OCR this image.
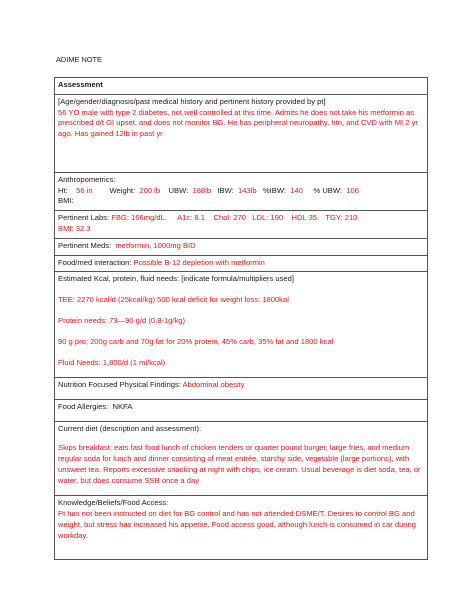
ADIME NOTE
Assessment

[Age/gender/diagnosis/past medical history and pertinent history provided by pt]
56 YO male with type 2 diabetes, not well controlled at this time. Admits he does not take his metformin as prescribed d/t GI upset, and does not monitor BG. He has peripheral neuropathy, htn, and CVD with MI 2 yr ago. Has gained 12lb in past yr

Anthropometrics:
Ht: 56 in Weight: 200 lb UBW: 188lb IBW: 143lb %IBW: 140 % UBW: 106
BMI:

Pertinent Labs: FBG: 166mg/dL. A1c: 8.1 Chol: 270 LDL: 190 HDL 35. TGY: 210
BMI: 32.3

Pertinent Meds: metformin, 1000mg BID
Food/med interaction: Possible B-12 depletion with metformin

Estimated Kcal, protein, fluid needs: [indicate formula/multipliers used]
TEE: 2270 kcal/d (25kcal/kg) 500 kcal deficit for weight loss: 1800kal
Protein needs: 73—90 g/d (0.8-1g/kg)
90 g pro; 200g carb and 70g fat for 20% protein, 45% carb, 35% fat and 1800 kcal
Fluid Needs: 1,800/d (1 ml/kcal)

Nutrition Focused Physical Findings: Abdominal obesity
Food Allergies: NKFA

Current diet (description and assessment):
Skips breakfast, eats fast food lunch of chicken tenders or quarter pound burger, large fries, and medium regular soda for lunch and dinner consisting of meat entrée, starchy side, vegetable (large portions), with unsweet tea. Reports excessive snacking at night with chips, ice cream. Usual beverage is diet soda, tea, or water, but does consume SSB once a day

Knowledge/Beliefs/Food Access:
Pt has not been instructed on diet for BG control and has not attended DSME/T. Desires to control BG and weight, but stress has increased his appetite. Food access good, although lunch is consumed in car during workday.
